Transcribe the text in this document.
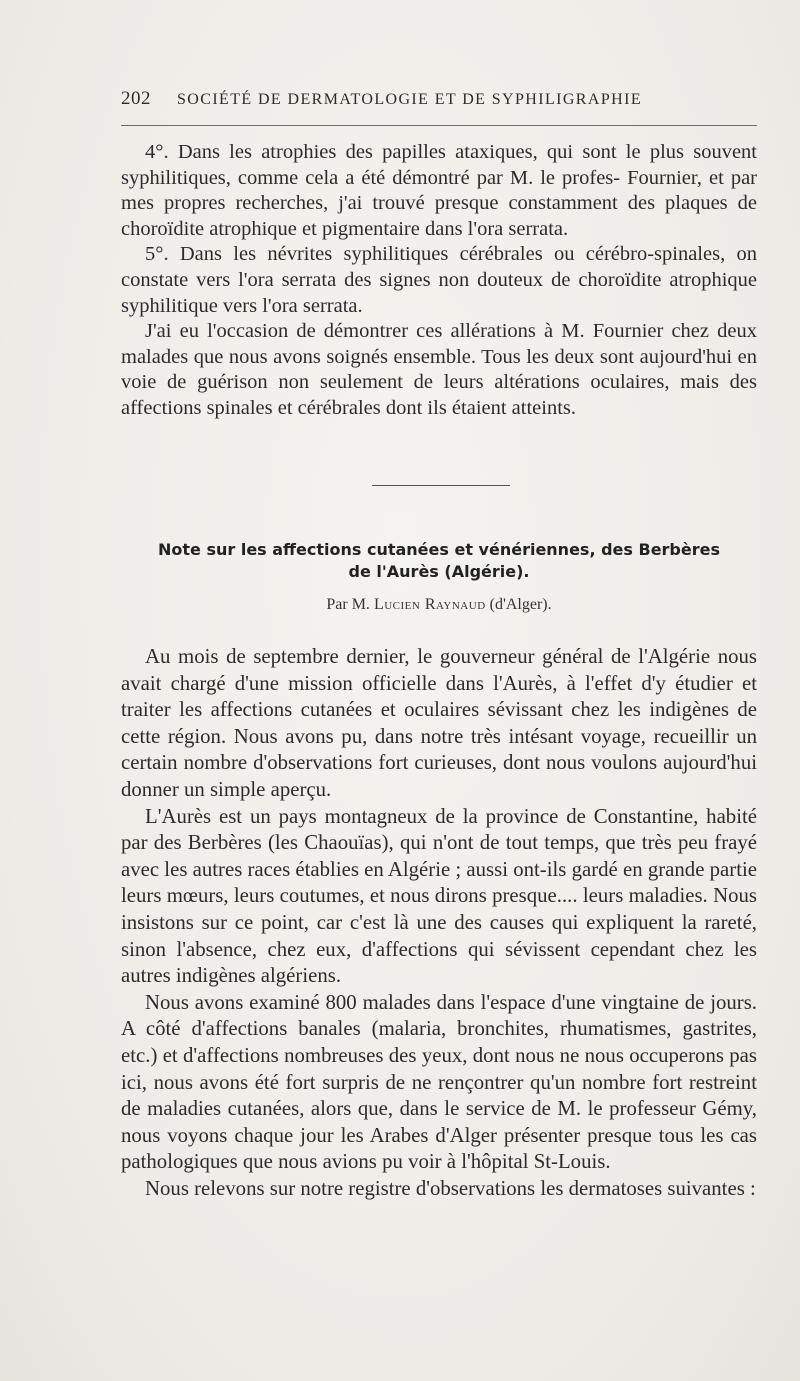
202 SOCIÉTÉ DE DERMATOLOGIE ET DE SYPHILIGRAPHIE

4°. Dans les atrophies des papilles ataxiques, qui sont le plus souvent syphilitiques, comme cela a été démontré par M. le profes- Fournier, et par mes propres recherches, j'ai trouvé presque constamment des plaques de choroïdite atrophique et pigmentaire dans l'ora serrata.

5°. Dans les névrites syphilitiques cérébrales ou cérébro-spinales, on constate vers l'ora serrata des signes non douteux de choroïdite atrophique syphilitique vers l'ora serrata.

J'ai eu l'occasion de démontrer ces allérations à M. Fournier chez deux malades que nous avons soignés ensemble. Tous les deux sont aujourd'hui en voie de guérison non seulement de leurs altérations oculaires, mais des affections spinales et cérébrales dont ils étaient atteints.

Note sur les affections cutanées et vénériennes, des Berbères
de l'Aurès (Algérie).
Par M. Lucien Raynaud (d'Alger).

Au mois de septembre dernier, le gouverneur général de l'Algérie nous avait chargé d'une mission officielle dans l'Aurès, à l'effet d'y étudier et traiter les affections cutanées et oculaires sévissant chez les indigènes de cette région. Nous avons pu, dans notre très intésant voyage, recueillir un certain nombre d'observations fort curieuses, dont nous voulons aujourd'hui donner un simple aperçu.

L'Aurès est un pays montagneux de la province de Constantine, habité par des Berbères (les Chaouïas), qui n'ont de tout temps, que très peu frayé avec les autres races établies en Algérie ; aussi ont-ils gardé en grande partie leurs mœurs, leurs coutumes, et nous dirons presque.... leurs maladies. Nous insistons sur ce point, car c'est là une des causes qui expliquent la rareté, sinon l'absence, chez eux, d'affections qui sévissent cependant chez les autres indigènes algériens.

Nous avons examiné 800 malades dans l'espace d'une vingtaine de jours. A côté d'affections banales (malaria, bronchites, rhumatismes, gastrites, etc.) et d'affections nombreuses des yeux, dont nous ne nous occuperons pas ici, nous avons été fort surpris de ne rençontrer qu'un nombre fort restreint de maladies cutanées, alors que, dans le service de M. le professeur Gémy, nous voyons chaque jour les Arabes d'Alger présenter presque tous les cas pathologiques que nous avions pu voir à l'hôpital St-Louis.

Nous relevons sur notre registre d'observations les dermatoses suivantes :
